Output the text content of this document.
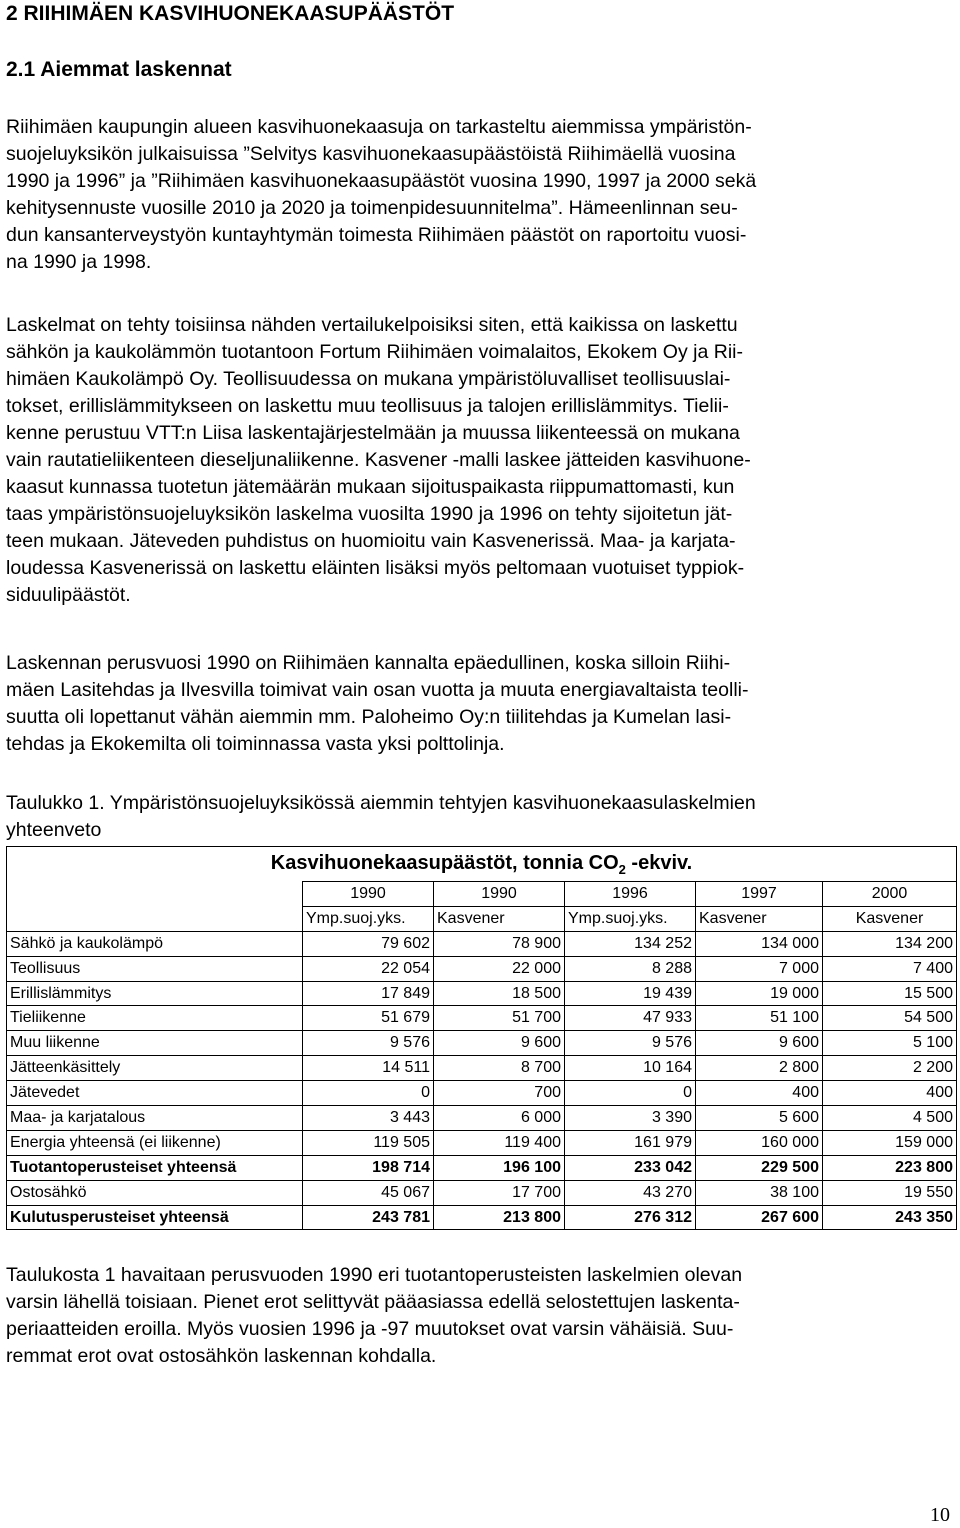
2 RIIHIMÄEN KASVIHUONEKAASUPÄÄSTÖT
2.1 Aiemmat laskennat
Riihimäen kaupungin alueen kasvihuonekaasuja on tarkasteltu aiemmissa ympäristön-
suojeluyksikön julkaisuissa ”Selvitys kasvihuonekaasupäästöistä Riihimäellä vuosina
1990 ja 1996” ja ”Riihimäen kasvihuonekaasupäästöt vuosina 1990, 1997 ja 2000 sekä
kehitysennuste vuosille 2010 ja 2020 ja toimenpidesuunnitelma”. Hämeenlinnan seu-
dun kansanterveystyön kuntayhtymän toimesta Riihimäen päästöt on raportoitu vuosi-
na 1990 ja 1998.
Laskelmat on tehty toisiinsa nähden vertailukelpoisiksi siten, että kaikissa on laskettu
sähkön ja kaukolämmön tuotantoon Fortum Riihimäen voimalaitos, Ekokem Oy ja Rii-
himäen Kaukolämpö Oy. Teollisuudessa on mukana ympäristöluvalliset teollisuuslai-
tokset, erillislämmitykseen on laskettu muu teollisuus ja talojen erillislämmitys. Tielii-
kenne perustuu VTT:n Liisa laskentajärjestelmään ja muussa liikenteessä on mukana
vain rautatieliikenteen dieseljunaliikenne. Kasvener -malli laskee jätteiden kasvihuone-
kaasut kunnassa tuotetun jätemäärän mukaan sijoituspaikasta riippumattomasti, kun
taas ympäristönsuojeluyksikön laskelma vuosilta 1990 ja 1996 on tehty sijoitetun jät-
teen mukaan. Jäteveden puhdistus on huomioitu vain Kasvenerissä. Maa- ja karjata-
loudessa Kasvenerissä on laskettu eläinten lisäksi myös peltomaan vuotuiset typpiok-
siduulipäästöt.
Laskennan perusvuosi 1990 on Riihimäen kannalta epäedullinen, koska silloin Riihi-
mäen Lasitehdas ja Ilvesvilla toimivat vain osan vuotta ja muuta energiavaltaista teolli-
suutta oli lopettanut vähän aiemmin mm. Paloheimo Oy:n tiilitehdas ja Kumelan lasi-
tehdas ja Ekokemilta oli toiminnassa vasta yksi polttolinja.
Taulukko 1. Ympäristönsuojeluyksikössä aiemmin tehtyjen kasvihuonekaasulaskelmien
yhteenveto
Kasvihuonekaasupäästöt, tonnia $CO_2$ -ekviv.					
	1990	1990	1996	1997	2000
	Ymp.suoj.yks.	Kasvener	Ymp.suoj.yks.	Kasvener	Kasvener
Sähkö ja kaukolämpö	79 602	78 900	134 252	134 000	134 200
Teollisuus	22 054	22 000	8 288	7 000	7 400
Erillislämmitys	17 849	18 500	19 439	19 000	15 500
Tieliikenne	51 679	51 700	47 933	51 100	54 500
Muu liikenne	9 576	9 600	9 576	9 600	5 100
Jätteenkäsittely	14 511	8 700	10 164	2 800	2 200
Jätevedet	0	700	0	400	400
Maa- ja karjatalous	3 443	6 000	3 390	5 600	4 500
Energia yhteensä (ei liikenne)	119 505	119 400	161 979	160 000	159 000
Tuotantoperusteiset yhteensä	198 714	196 100	233 042	229 500	223 800
Ostosähkö	45 067	17 700	43 270	38 100	19 550
Kulutusperusteiset yhteensä	243 781	213 800	276 312	267 600	243 350
Taulukosta 1 havaitaan perusvuoden 1990 eri tuotantoperusteisten laskelmien olevan
varsin lähellä toisiaan. Pienet erot selittyvät pääasiassa edellä selostettujen laskenta-
periaatteiden eroilla. Myös vuosien 1996 ja -97 muutokset ovat varsin vähäisiä. Suu-
remmat erot ovat ostosähkön laskennan kohdalla.
10
